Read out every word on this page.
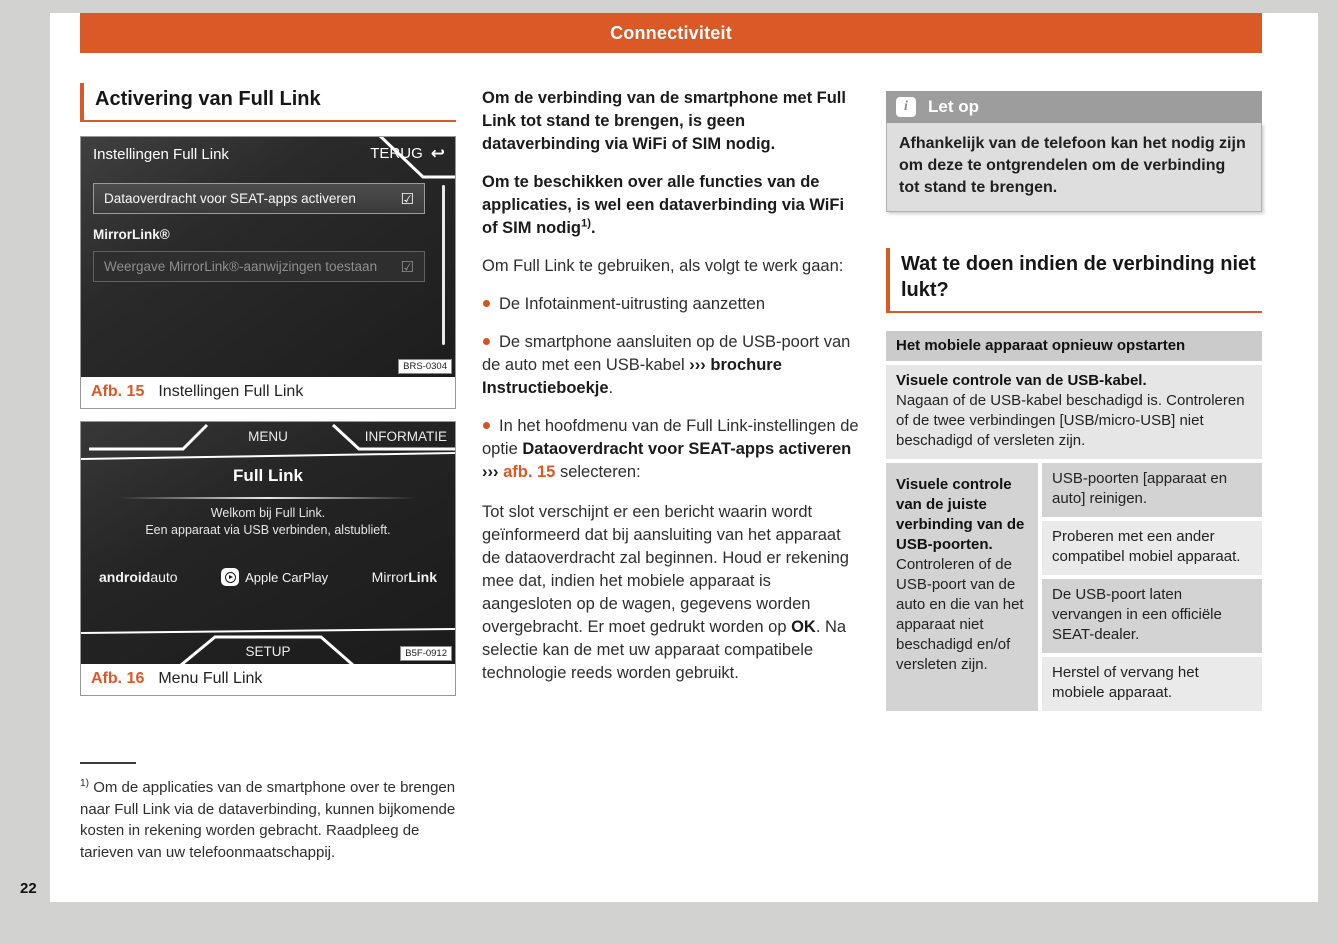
Connectiviteit
Activering van Full Link
Instellingen Full Link	TERUG ↩
Dataoverdracht voor SEAT-apps activeren	☑
MirrorLink®
Weergave MirrorLink®-aanwijzingen toestaan ☑
BRS-0304
Afb. 15 Instellingen Full Link
MENU	INFORMATIE
Full Link
Welkom bij Full Link.
Een apparaat via USB verbinden, alstublieft.
androidauto	Apple CarPlay	MirrorLink
SETUP	B5F-0912
Afb. 16 Menu Full Link
$^{1)}$ Om de applicaties van de smartphone over te brengen naar Full Link via de dataverbinding, kunnen bijkomende kosten in rekening worden gebracht. Raadpleeg de tarieven van uw telefoonmaatschappij.

Om de verbinding van de smartphone met Full Link tot stand te brengen, is geen dataverbinding via WiFi of SIM nodig.

Om te beschikken over alle functies van de applicaties, is wel een dataverbinding via WiFi of SIM nodig$^{1)}$.

Om Full Link te gebruiken, als volgt te werk gaan:

De Infotainment-uitrusting aanzetten

De smartphone aansluiten op de USB-poort van de auto met een USB-kabel ››› brochure Instructieboekje.

In het hoofdmenu van de Full Link-instellingen de optie Dataoverdracht voor SEAT-apps activeren ››› afb. 15 selecteren:

Tot slot verschijnt er een bericht waarin wordt geïnformeerd dat bij aansluiting van het apparaat de dataoverdracht zal beginnen. Houd er rekening mee dat, indien het mobiele apparaat is aangesloten op de wagen, gegevens worden overgebracht. Er moet gedrukt worden op OK. Na selectie kan de met uw apparaat compatibele technologie reeds worden gebruikt.

i	Let op
Afhankelijk van de telefoon kan het nodig zijn om deze te ontgrendelen om de verbinding tot stand te brengen.
Wat te doen indien de verbinding niet lukt?
Het mobiele apparaat opnieuw opstarten
Visuele controle van de USB-kabel.
Nagaan of de USB-kabel beschadigd is. Controleren of de twee verbindingen [USB/micro-USB] niet beschadigd of versleten zijn.
Visuele controle van de juiste verbinding van de USB-poorten.
Controleren of de USB-poort van de auto en die van het apparaat niet beschadigd en/of versleten zijn.
USB-poorten [apparaat en auto] reinigen.
Proberen met een ander compatibel mobiel apparaat.
De USB-poort laten vervangen in een officiële SEAT-dealer.
Herstel of vervang het mobiele apparaat.
22
